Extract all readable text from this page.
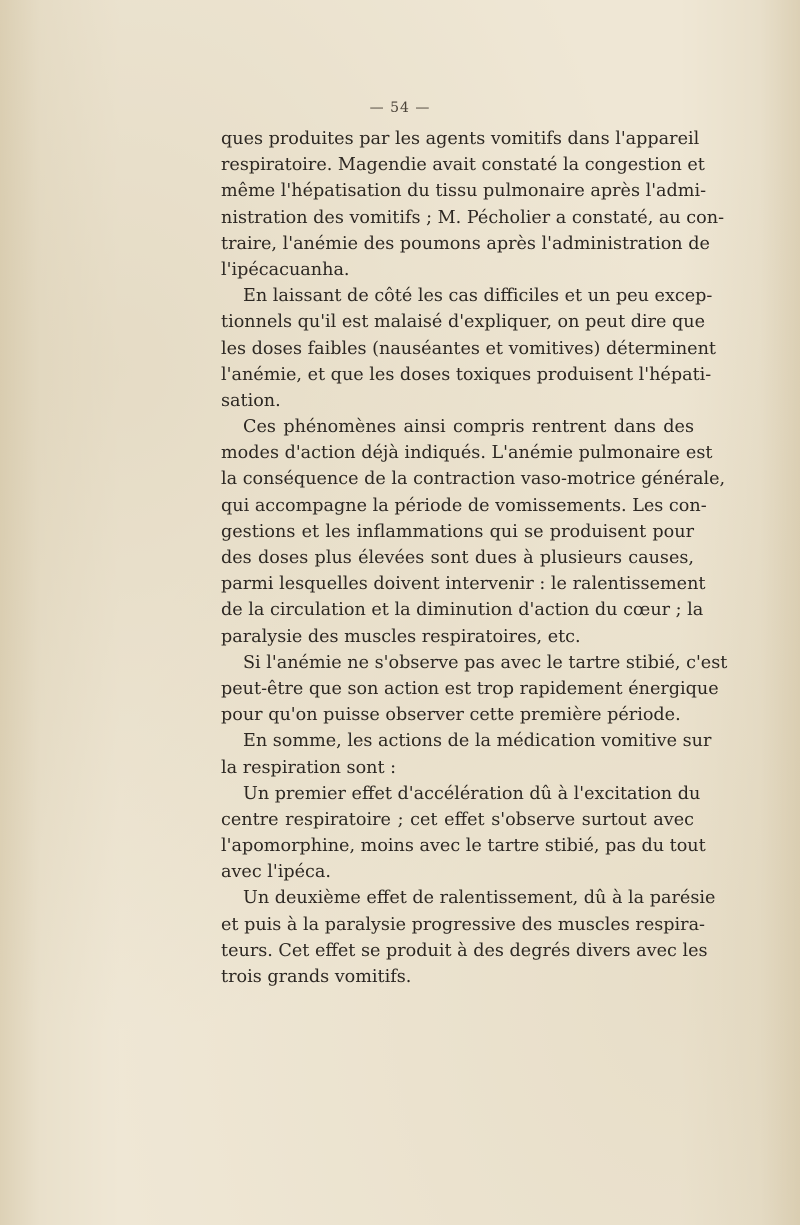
— 54 —
ques produites par les agents vomitifs dans l'appareil
respiratoire. Magendie avait constaté la congestion et
même l'hépatisation du tissu pulmonaire après l'admi-
nistration des vomitifs ; M. Pécholier a constaté, au con-
traire, l'anémie des poumons après l'administration de
l'ipécacuanha.
En laissant de côté les cas difficiles et un peu excep-
tionnels qu'il est malaisé d'expliquer, on peut dire que
les doses faibles (nauséantes et vomitives) déterminent
l'anémie, et que les doses toxiques produisent l'hépati-
sation.
Ces phénomènes ainsi compris rentrent dans des
modes d'action déjà indiqués. L'anémie pulmonaire est
la conséquence de la contraction vaso-motrice générale,
qui accompagne la période de vomissements. Les con-
gestions et les inflammations qui se produisent pour
des doses plus élevées sont dues à plusieurs causes,
parmi lesquelles doivent intervenir : le ralentissement
de la circulation et la diminution d'action du cœur ; la
paralysie des muscles respiratoires, etc.
Si l'anémie ne s'observe pas avec le tartre stibié, c'est
peut-être que son action est trop rapidement énergique
pour qu'on puisse observer cette première période.
En somme, les actions de la médication vomitive sur
la respiration sont :
Un premier effet d'accélération dû à l'excitation du
centre respiratoire ; cet effet s'observe surtout avec
l'apomorphine, moins avec le tartre stibié, pas du tout
avec l'ipéca.
Un deuxième effet de ralentissement, dû à la parésie
et puis à la paralysie progressive des muscles respira-
teurs. Cet effet se produit à des degrés divers avec les
trois grands vomitifs.
